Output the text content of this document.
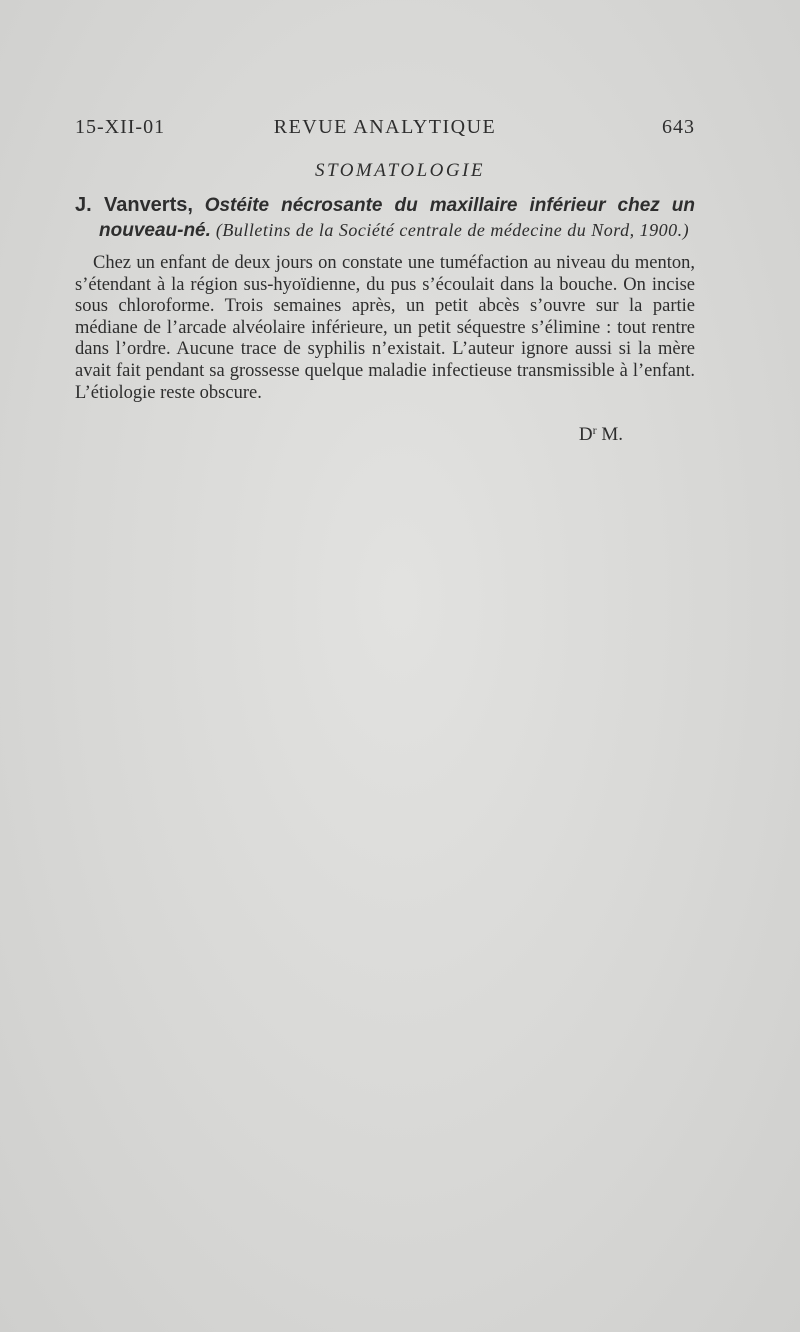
15-XII-01	REVUE ANALYTIQUE	643
STOMATOLOGIE
J. Vanverts, Ostéite nécrosante du maxillaire inférieur chez un nouveau-né. (Bulletins de la Société centrale de médecine du Nord, 1900.)

Chez un enfant de deux jours on constate une tuméfaction au niveau du menton, s’étendant à la région sus-hyoïdienne, du pus s’écoulait dans la bouche. On incise sous chloroforme. Trois semaines après, un petit abcès s’ouvre sur la partie médiane de l’arcade alvéolaire inférieure, un petit séquestre s’élimine : tout rentre dans l’ordre. Aucune trace de syphilis n’existait. L’auteur ignore aussi si la mère avait fait pendant sa grossesse quelque maladie infectieuse transmissible à l’enfant. L’étiologie reste obscure.

$D^r$ M.
